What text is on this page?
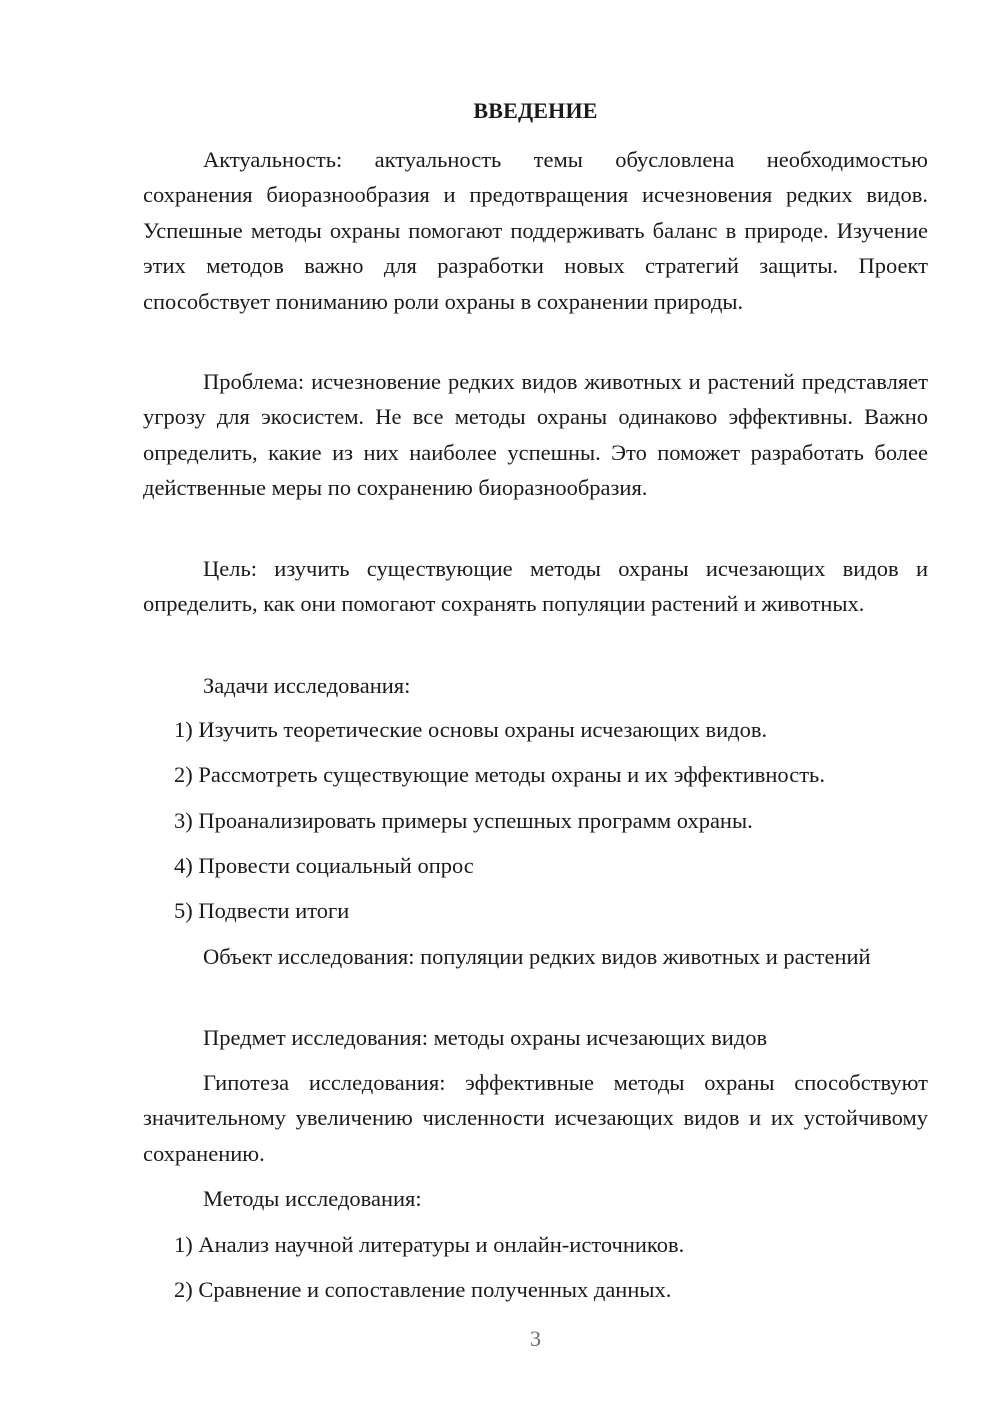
ВВЕДЕНИЕ

Актуальность: актуальность темы обусловлена необходимостью сохранения биоразнообразия и предотвращения исчезновения редких видов. Успешные методы охраны помогают поддерживать баланс в природе. Изучение этих методов важно для разработки новых стратегий защиты. Проект способствует пониманию роли охраны в сохранении природы.

Проблема: исчезновение редких видов животных и растений представляет угрозу для экосистем. Не все методы охраны одинаково эффективны. Важно определить, какие из них наиболее успешны. Это поможет разработать более действенные меры по сохранению биоразнообразия.

Цель: изучить существующие методы охраны исчезающих видов и определить, как они помогают сохранять популяции растений и животных.

Задачи исследования:

1) Изучить теоретические основы охраны исчезающих видов.

2) Рассмотреть существующие методы охраны и их эффективность.

3) Проанализировать примеры успешных программ охраны.

4) Провести социальный опрос

5) Подвести итоги

Объект исследования: популяции редких видов животных и растений

Предмет исследования: методы охраны исчезающих видов

Гипотеза исследования: эффективные методы охраны способствуют значительному увеличению численности исчезающих видов и их устойчивому сохранению.

Методы исследования:

1) Анализ научной литературы и онлайн-источников.

2) Сравнение и сопоставление полученных данных.

3
